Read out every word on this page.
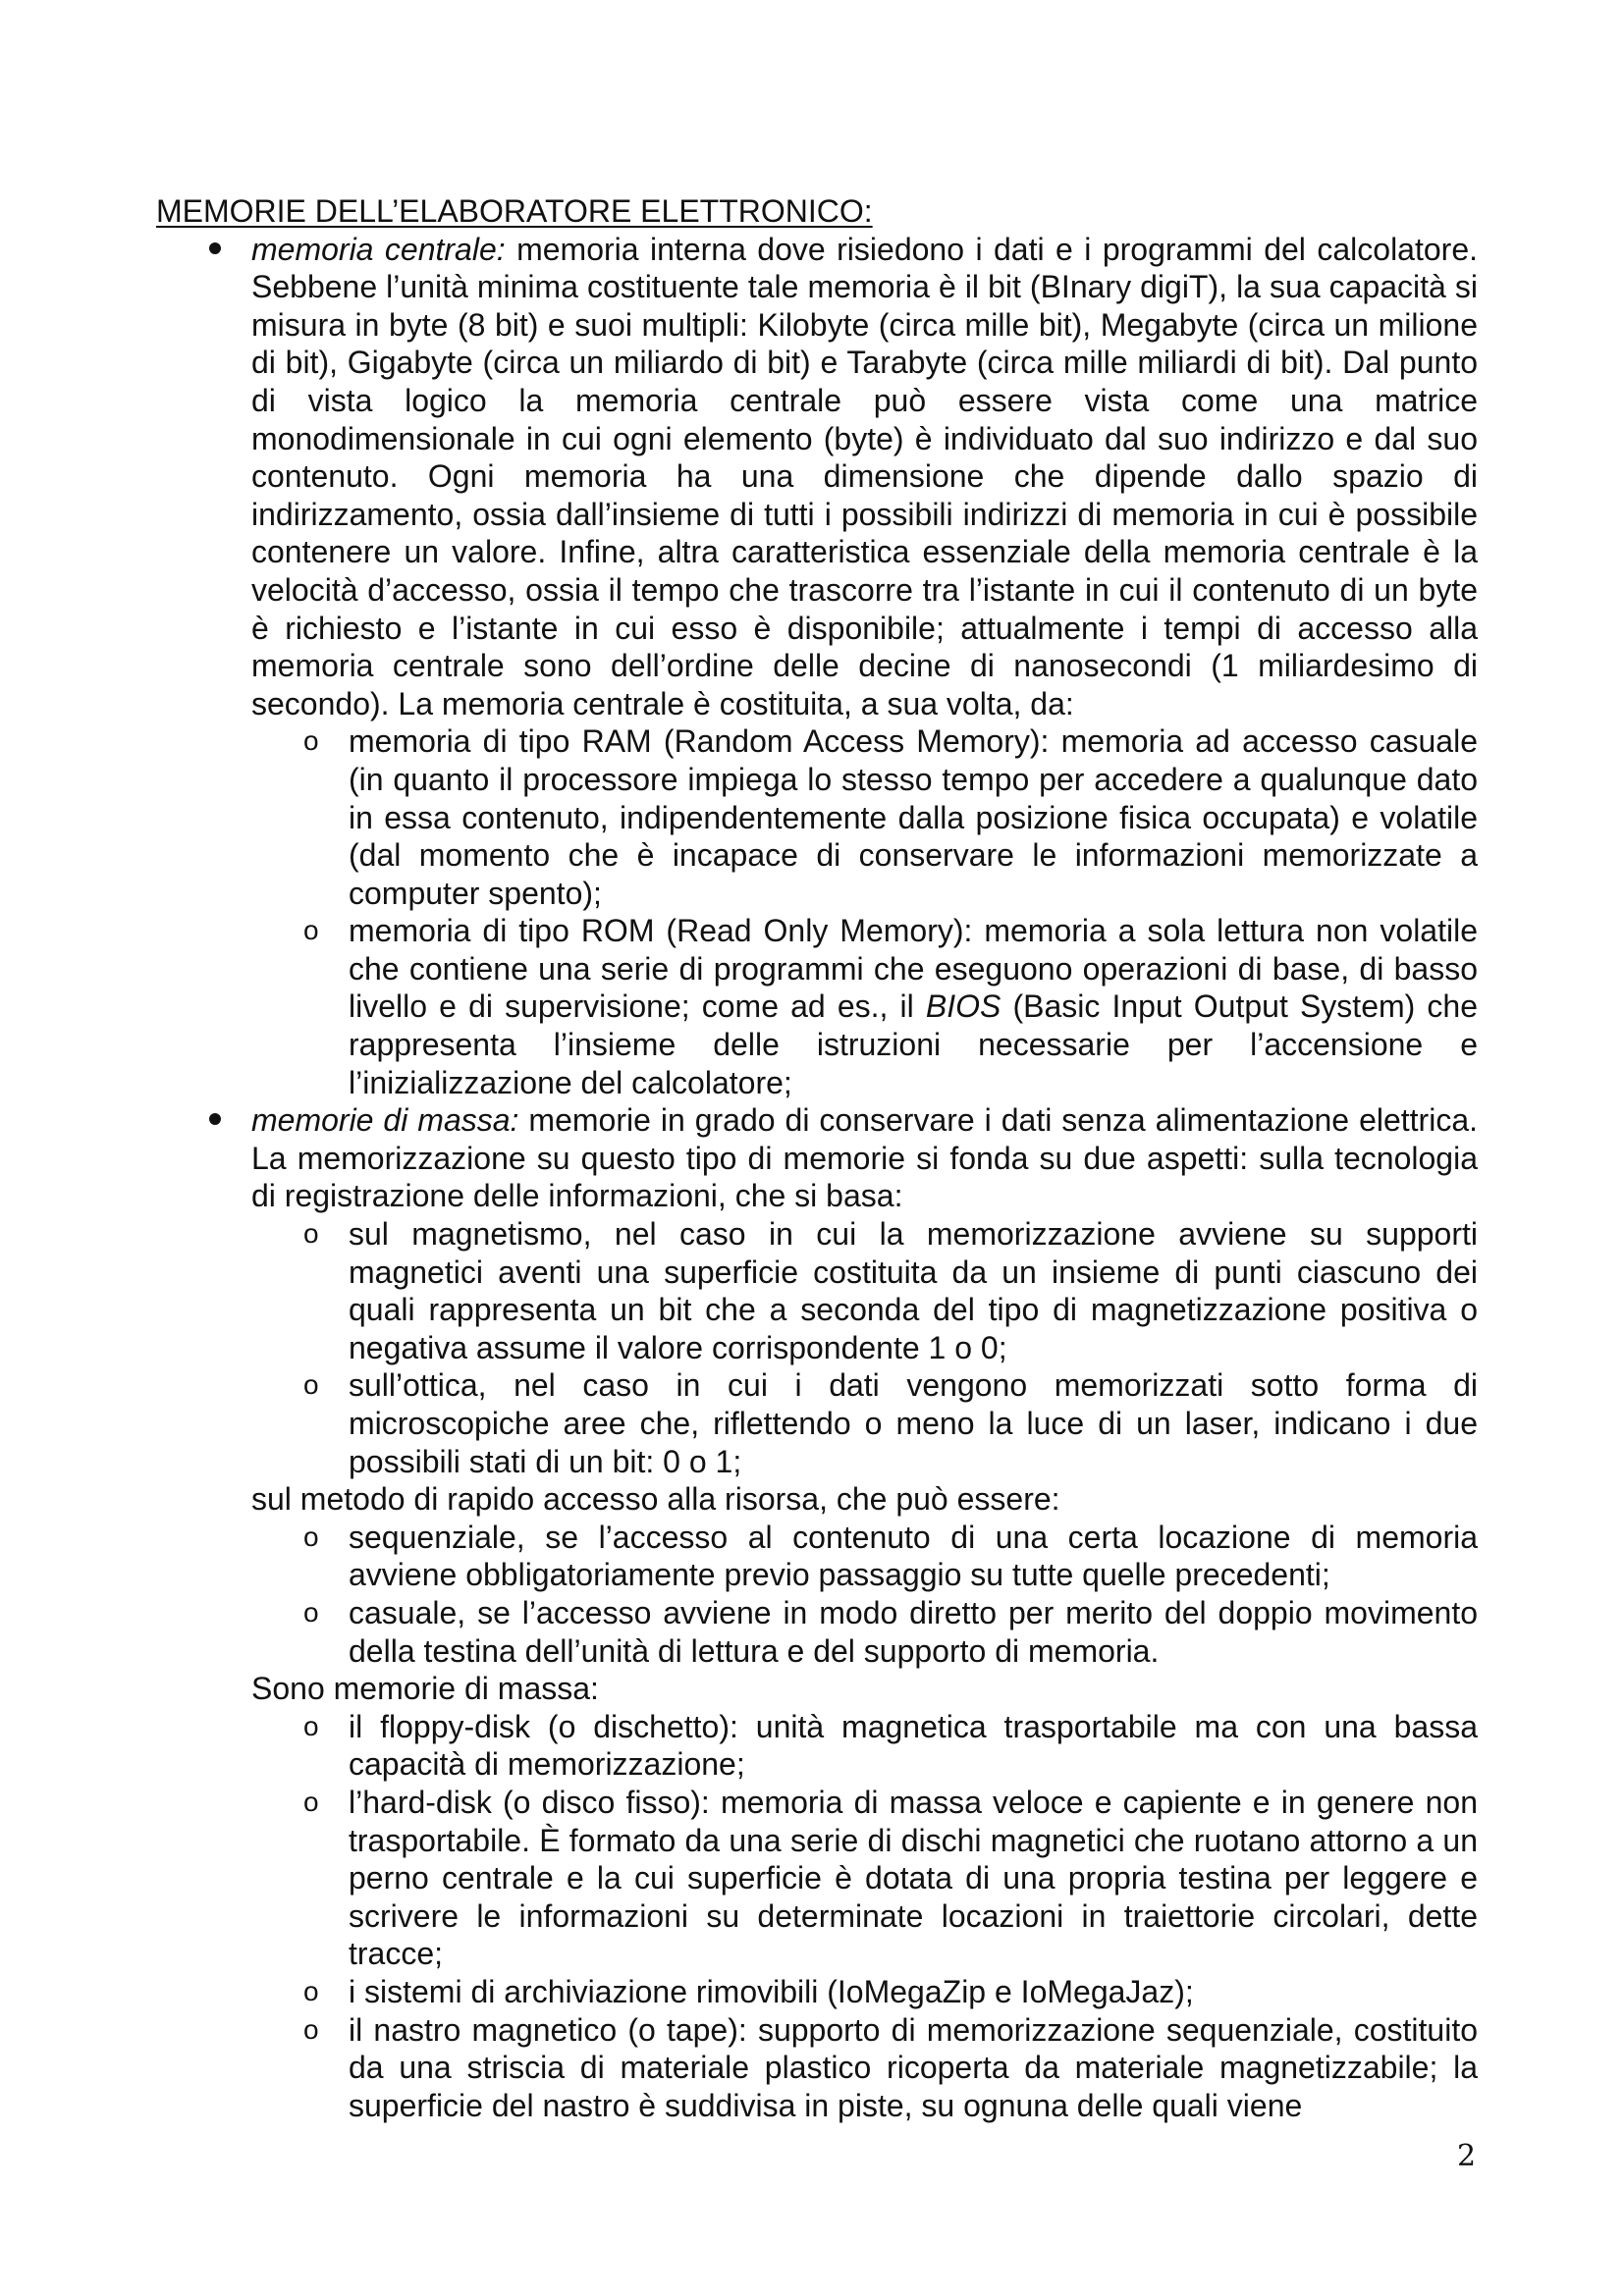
MEMORIE DELL’ELABORATORE ELETTRONICO:

memoria centrale: memoria interna dove risiedono i dati e i programmi del calcolatore. Sebbene l’unità minima costituente tale memoria è il bit (BInary digiT), la sua capacità si misura in byte (8 bit) e suoi multipli: Kilobyte (circa mille bit), Megabyte (circa un milione di bit), Gigabyte (circa un miliardo di bit) e Tarabyte (circa mille miliardi di bit). Dal punto di vista logico la memoria centrale può essere vista come una matrice monodimensionale in cui ogni elemento (byte) è individuato dal suo indirizzo e dal suo contenuto. Ogni memoria ha una dimensione che dipende dallo spazio di indirizzamento, ossia dall’insieme di tutti i possibili indirizzi di memoria in cui è possibile contenere un valore. Infine, altra caratteristica essenziale della memoria centrale è la velocità d’accesso, ossia il tempo che trascorre tra l’istante in cui il contenuto di un byte è richiesto e l’istante in cui esso è disponibile; attualmente i tempi di accesso alla memoria centrale sono dell’ordine delle decine di nanosecondi (1 miliardesimo di secondo). La memoria centrale è costituita, a sua volta, da:
o memoria di tipo RAM (Random Access Memory): memoria ad accesso casuale (in quanto il processore impiega lo stesso tempo per accedere a qualunque dato in essa contenuto, indipendentemente dalla posizione fisica occupata) e volatile (dal momento che è incapace di conservare le informazioni memorizzate a computer spento);
o memoria di tipo ROM (Read Only Memory): memoria a sola lettura non volatile che contiene una serie di programmi che eseguono operazioni di base, di basso livello e di supervisione; come ad es., il BIOS (Basic Input Output System) che rappresenta l’insieme delle istruzioni necessarie per l’accensione e l’inizializzazione del calcolatore;
memorie di massa: memorie in grado di conservare i dati senza alimentazione elettrica. La memorizzazione su questo tipo di memorie si fonda su due aspetti: sulla tecnologia di registrazione delle informazioni, che si basa:
o sul magnetismo, nel caso in cui la memorizzazione avviene su supporti magnetici aventi una superficie costituita da un insieme di punti ciascuno dei quali rappresenta un bit che a seconda del tipo di magnetizzazione positiva o negativa assume il valore corrispondente 1 o 0;
o sull’ottica, nel caso in cui i dati vengono memorizzati sotto forma di microscopiche aree che, riflettendo o meno la luce di un laser, indicano i due possibili stati di un bit: 0 o 1;
sul metodo di rapido accesso alla risorsa, che può essere:
o sequenziale, se l’accesso al contenuto di una certa locazione di memoria avviene obbligatoriamente previo passaggio su tutte quelle precedenti;
o casuale, se l’accesso avviene in modo diretto per merito del doppio movimento della testina dell’unità di lettura e del supporto di memoria.
Sono memorie di massa:
o il floppy-disk (o dischetto): unità magnetica trasportabile ma con una bassa capacità di memorizzazione;
o l’hard-disk (o disco fisso): memoria di massa veloce e capiente e in genere non trasportabile. È formato da una serie di dischi magnetici che ruotano attorno a un perno centrale e la cui superficie è dotata di una propria testina per leggere e scrivere le informazioni su determinate locazioni in traiettorie circolari, dette tracce;
o i sistemi di archiviazione rimovibili (IoMegaZip e IoMegaJaz);
o il nastro magnetico (o tape): supporto di memorizzazione sequenziale, costituito da una striscia di materiale plastico ricoperta da materiale magnetizzabile; la superficie del nastro è suddivisa in piste, su ognuna delle quali viene
2
